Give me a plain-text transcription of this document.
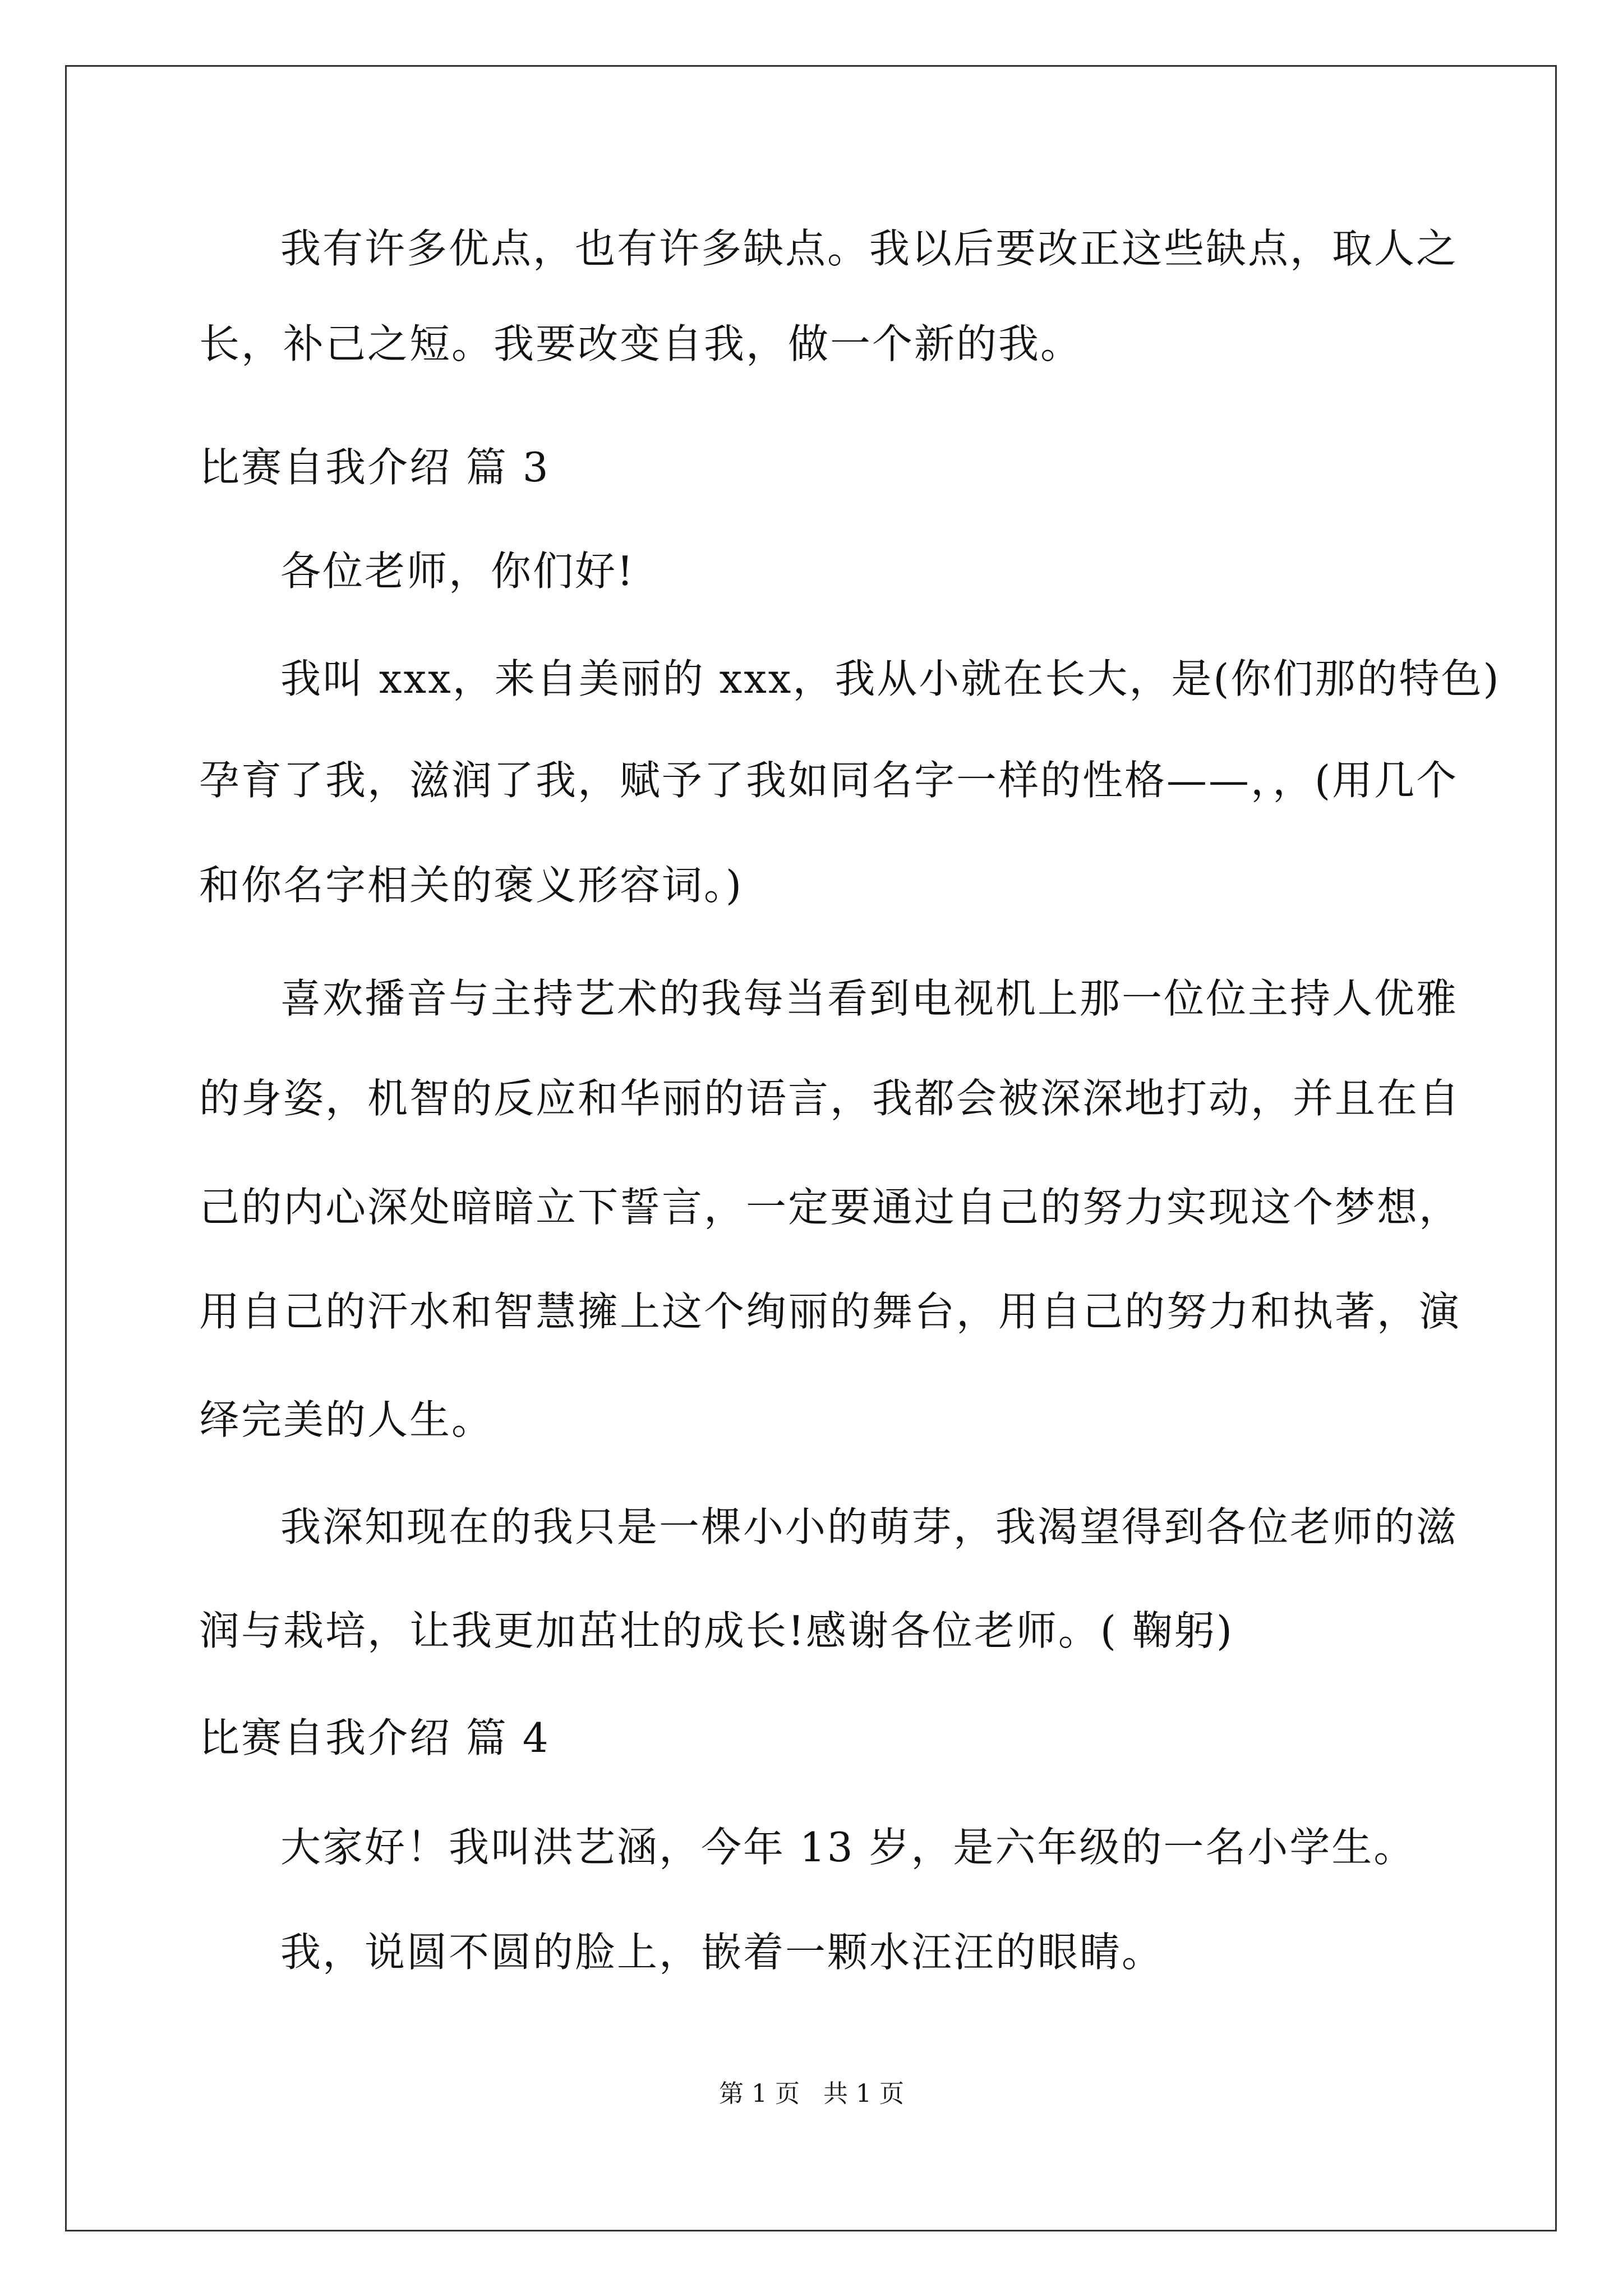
我有许多优点，也有许多缺点。我以后要改正这些缺点，取人之
长，补己之短。我要改变自我，做一个新的我。
比赛自我介绍 篇 3
各位老师，你们好!
我叫 xxx，来自美丽的 xxx，我从小就在长大，是(你们那的特色)
孕育了我，滋润了我，赋予了我如同名字一样的性格——，，(用几个
和你名字相关的褒义形容词。)
喜欢播音与主持艺术的我每当看到电视机上那一位位主持人优雅
的身姿，机智的反应和华丽的语言，我都会被深深地打动，并且在自
己的内心深处暗暗立下誓言，一定要通过自己的努力实现这个梦想，
用自己的汗水和智慧擁上这个绚丽的舞台，用自己的努力和执著，演
绎完美的人生。
我深知现在的我只是一棵小小的萌芽，我渴望得到各位老师的滋
润与栽培，让我更加茁壮的成长!感谢各位老师。( 鞠躬)
比赛自我介绍 篇 4
大家好！我叫洪艺涵，今年 13 岁，是六年级的一名小学生。
我，说圆不圆的脸上，嵌着一颗水汪汪的眼睛。
第 1 页   共 1 页
